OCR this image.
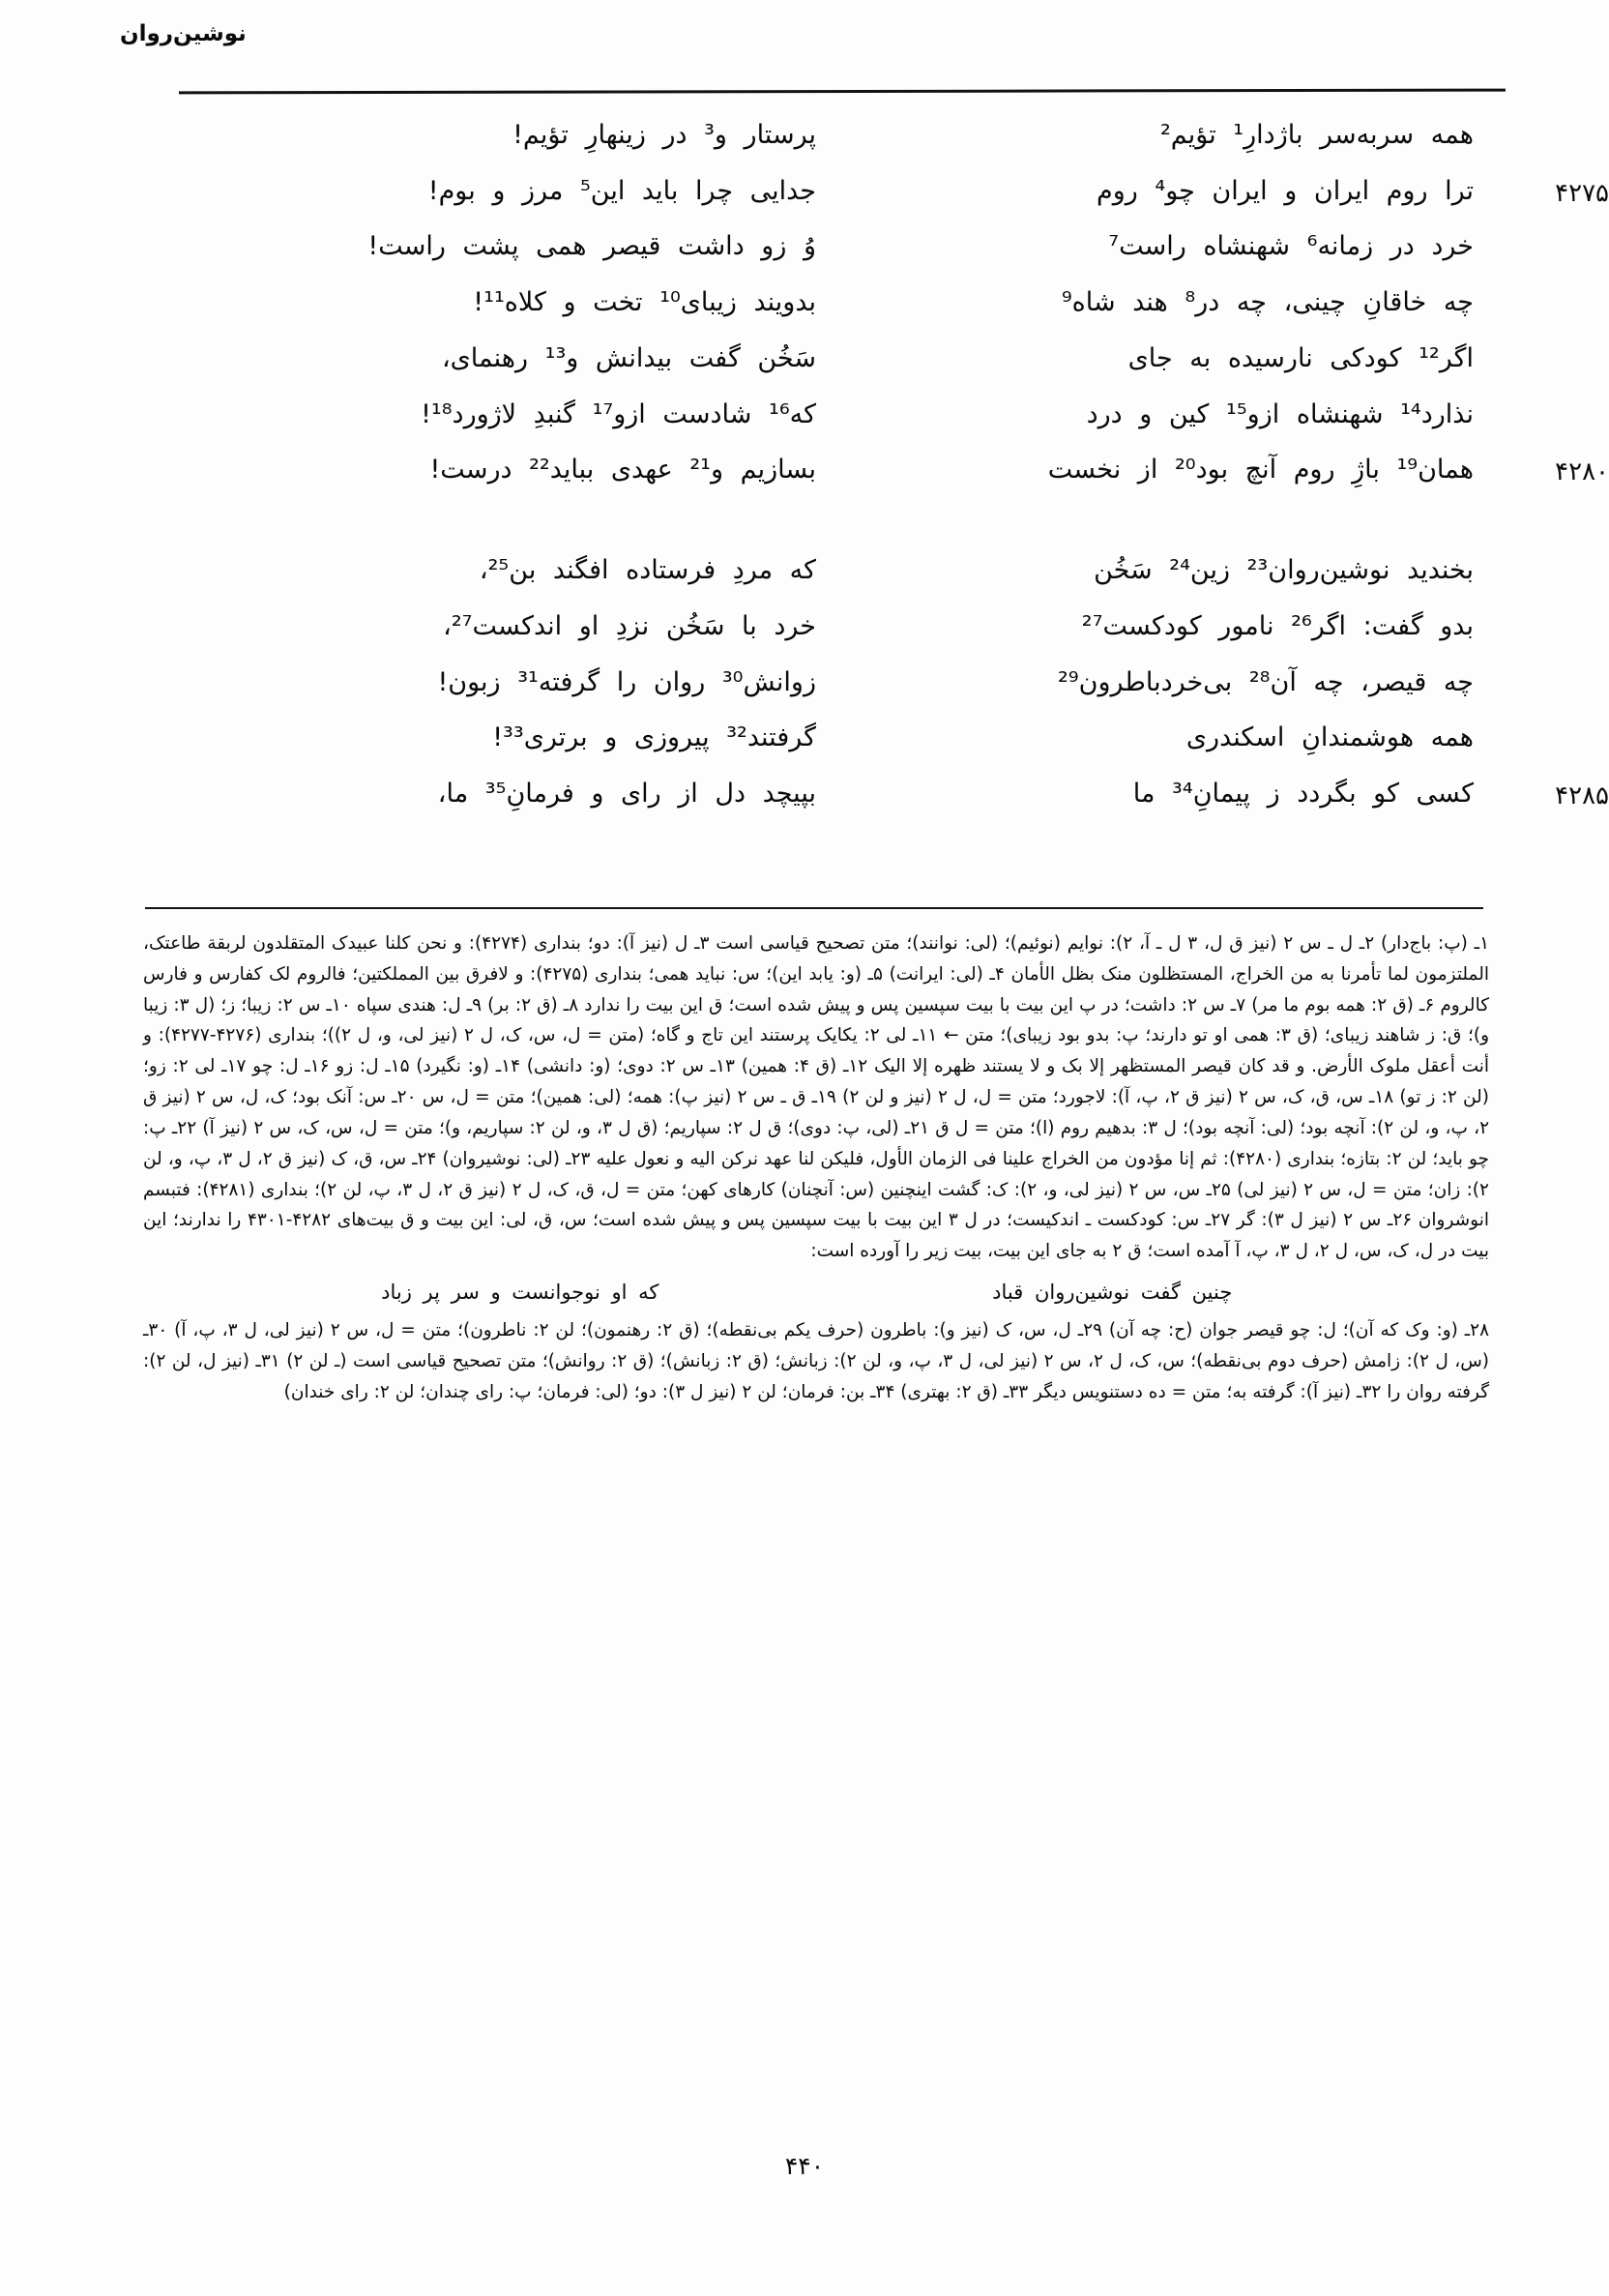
نوشین‌روان
همه سربه‌سر باژدارِ¹ تؤیم²
پرستار و³ در زینهارِ تؤیم!
۴۲۷۵
ترا روم ایران و ایران چو⁴ روم
جدایی چرا باید این⁵ مرز و بوم!
خرد در زمانه⁶ شهنشاه راست⁷
وُ زو داشت قیصر همی پشت راست!
چه خاقانِ چینی، چه در⁸ هند شاه⁹
بدویند زیبای¹⁰ تخت و کلاه¹¹!
اگر¹² کودکی نارسیده به جای
سَخُن گفت بیدانش و¹³ رهنمای،
نذارد¹⁴ شهنشاه ازو¹⁵ کین و درد
که¹⁶ شادست ازو¹⁷ گنبدِ لاژورد¹⁸!
۴۲۸۰
همان¹⁹ باژِ روم آنچ بود²⁰ از نخست
بسازیم و²¹ عهدی بباید²² درست!
بخندید نوشین‌روان²³ زین²⁴ سَخُن
که مردِ فرستاده افگند بن²⁵،
بدو گفت: اگر²⁶ نامور کودکست²⁷
خرد با سَخُن نزدِ او اندکست²⁷،
چه قیصر، چه آن²⁸ بی‌خردباطرون²⁹
زوانش³⁰ روان را گرفته³¹ زبون!
همه هوشمندانِ اسکندری
گرفتند³² پیروزی و برتری³³!
۴۲۸۵
کسی کو بگردد ز پیمانِ³⁴ ما
بپیچد دل از رای و فرمانِ³⁵ ما،

۱ـ (پ: باج‌دار) ۲ـ ل ـ س ۲ (نیز ق ل، ۳ ل ـ آ، ۲): نوایم (نوئیم)؛ (لی: نوانند)؛ متن تصحیح قیاسی است ۳ـ ل (نیز آ): دو؛ بنداری (۴۲۷۴): و نحن کلنا عبیدک المتقلدون لربقة طاعتک، الملتزمون لما تأمرنا به من الخراج، المستظلون منک بظل الأمان ۴ـ (لی: ایرانت) ۵ـ (و: یابد این)؛ س: نباید همی؛ بنداری (۴۲۷۵): و لافرق بین المملکتین؛ فالروم لک کفارس و فارس کالروم ۶ـ (ق ۲: همه بوم ما مر) ۷ـ س ۲: داشت؛ در پ این بیت با بیت سپسین پس و پیش شده است؛ ق این بیت را ندارد ۸ـ (ق ۲: بر) ۹ـ ل: هندی سپاه ۱۰ـ س ۲: زیبا؛ ز؛ (ل ۳: زیبا و)؛ ق: ز شاهند زیبای؛ (ق ۳: همی او تو دارند؛ پ: بدو بود زیبای)؛ متن ← ۱۱ـ لی ۲: یکایک پرستند این تاج و گاه؛ (متن = ل، س، ک، ل ۲ (نیز لی، و، ل ۲))؛ بنداری (۴۲۷۶-۴۲۷۷): و أنت أعقل ملوک الأرض. و قد کان قیصر المستظهر إلا بک و لا یستند ظهره إلا الیک ۱۲ـ (ق ۴: همین) ۱۳ـ س ۲: دوی؛ (و: دانشی) ۱۴ـ (و: نگیرد) ۱۵ـ ل: زو ۱۶ـ ل: چو ۱۷ـ لی ۲: زو؛ (لن ۲: ز تو) ۱۸ـ س، ق، ک، س ۲ (نیز ق ۲، پ، آ): لاجورد؛ متن = ل، ل ۲ (نیز و لن ۲) ۱۹ـ ق ـ س ۲ (نیز پ): همه؛ (لی: همین)؛ متن = ل، س ۲۰ـ س: آنک بود؛ ک، ل، س ۲ (نیز ق ۲، پ، و، لن ۲): آنچه بود؛ (لی: آنچه بود)؛ ل ۳: بدهیم روم (ا)؛ متن = ل ق ۲۱ـ (لی، پ: دوی)؛ ق ل ۲: سپاریم؛ (ق ل ۳، و، لن ۲: سپاریم، و)؛ متن = ل، س، ک، س ۲ (نیز آ) ۲۲ـ پ: چو باید؛ لن ۲: بتازه؛ بنداری (۴۲۸۰): ثم إنا مؤدون من الخراج علینا فی الزمان الأول، فلیکن لنا عهد نرکن الیه و نعول علیه ۲۳ـ (لی: نوشیروان) ۲۴ـ س، ق، ک (نیز ق ۲، ل ۳، پ، و، لن ۲): زان؛ متن = ل، س ۲ (نیز لی) ۲۵ـ س، س ۲ (نیز لی، و، ۲): ک: گشت اینچنین (س: آنچنان) کارهای کهن؛ متن = ل، ق، ک، ل ۲ (نیز ق ۲، ل ۳، پ، لن ۲)؛ بنداری (۴۲۸۱): فتبسم انوشروان ۲۶ـ س ۲ (نیز ل ۳): گر ۲۷ـ س: کودکست ـ اندکیست؛ در ل ۳ این بیت با بیت سپسین پس و پیش شده است؛ س، ق، لی: این بیت و ق بیت‌های ۴۲۸۲-۴۳۰۱ را ندارند؛ این بیت در ل، ک، س، ل ۲، ل ۳، پ، آ آمده است؛ ق ۲ به جای این بیت، بیت زیر را آورده است:

چنین گفت نوشین‌روان قباد
که او نوجوانست و سر پر زباد

۲۸ـ (و: وک که آن)؛ ل: چو قیصر جوان (ح: چه آن) ۲۹ـ ل، س، ک (نیز و): باطرون (حرف یکم بی‌نقطه)؛ (ق ۲: رهنمون)؛ لن ۲: ناطرون)؛ متن = ل، س ۲ (نیز لی، ل ۳، پ، آ) ۳۰ـ (س، ل ۲): زامش (حرف دوم بی‌نقطه)؛ س، ک، ل ۲، س ۲ (نیز لی، ل ۳، پ، و، لن ۲): زبانش؛ (ق ۲: زبانش)؛ (ق ۲: روانش)؛ متن تصحیح قیاسی است (ـ لن ۲) ۳۱ـ (نیز ل، لن ۲): گرفته روان را ۳۲ـ (نیز آ): گرفته به؛ متن = ده دستنویس دیگر ۳۳ـ (ق ۲: بهتری) ۳۴ـ بن: فرمان؛ لن ۲ (نیز ل ۳): دو؛ (لی: فرمان؛ پ: رای چندان؛ لن ۲: رای خندان)

۴۴۰
